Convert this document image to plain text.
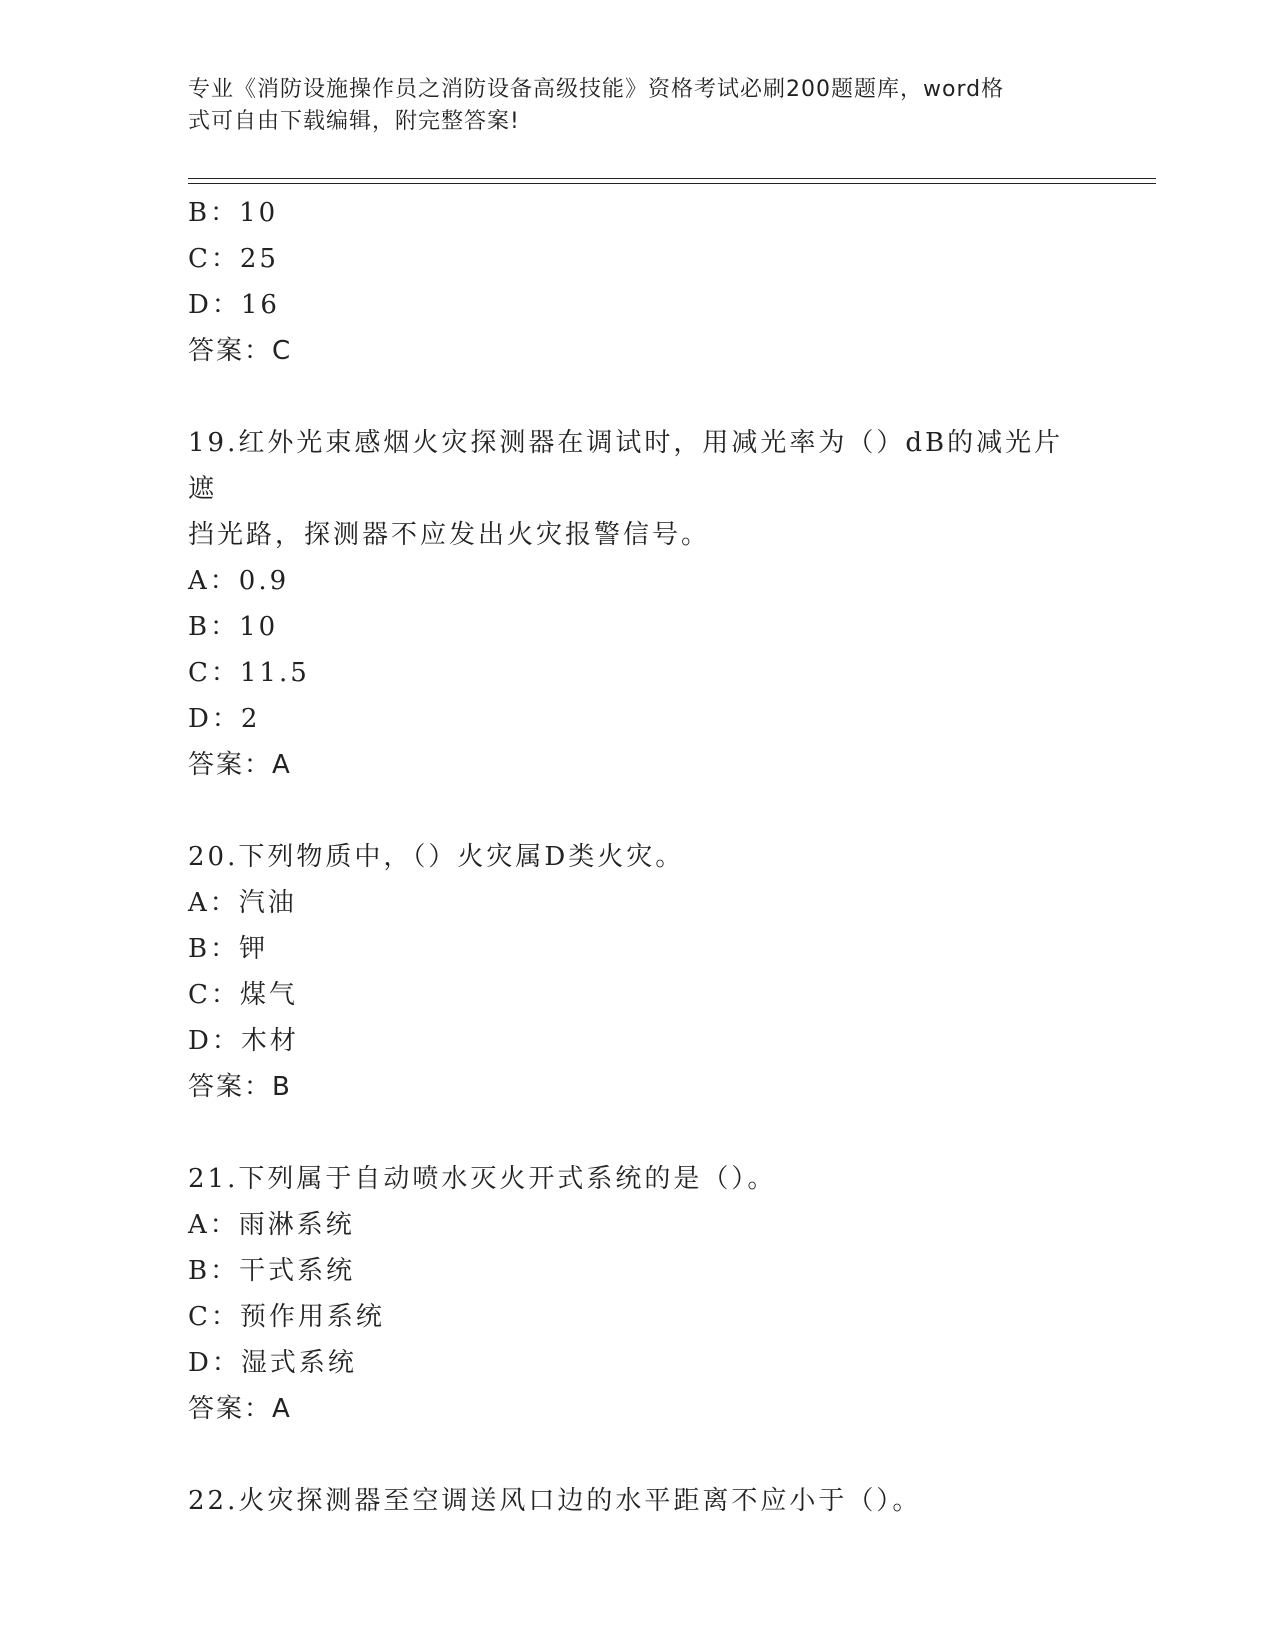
专业《消防设施操作员之消防设备高级技能》资格考试必刷200题题库，word格
式可自由下载编辑，附完整答案!
B：10
C：25
D：16
答案：C
19.红外光束感烟火灾探测器在调试时，用减光率为（）dB的减光片遮
挡光路，探测器不应发出火灾报警信号。
A：0.9
B：10
C：11.5
D：2
答案：A
20.下列物质中，（）火灾属D类火灾。
A：汽油
B：钾
C：煤气
D：木材
答案：B
21.下列属于自动喷水灭火开式系统的是（）。
A：雨淋系统
B：干式系统
C：预作用系统
D：湿式系统
答案：A
22.火灾探测器至空调送风口边的水平距离不应小于（）。
